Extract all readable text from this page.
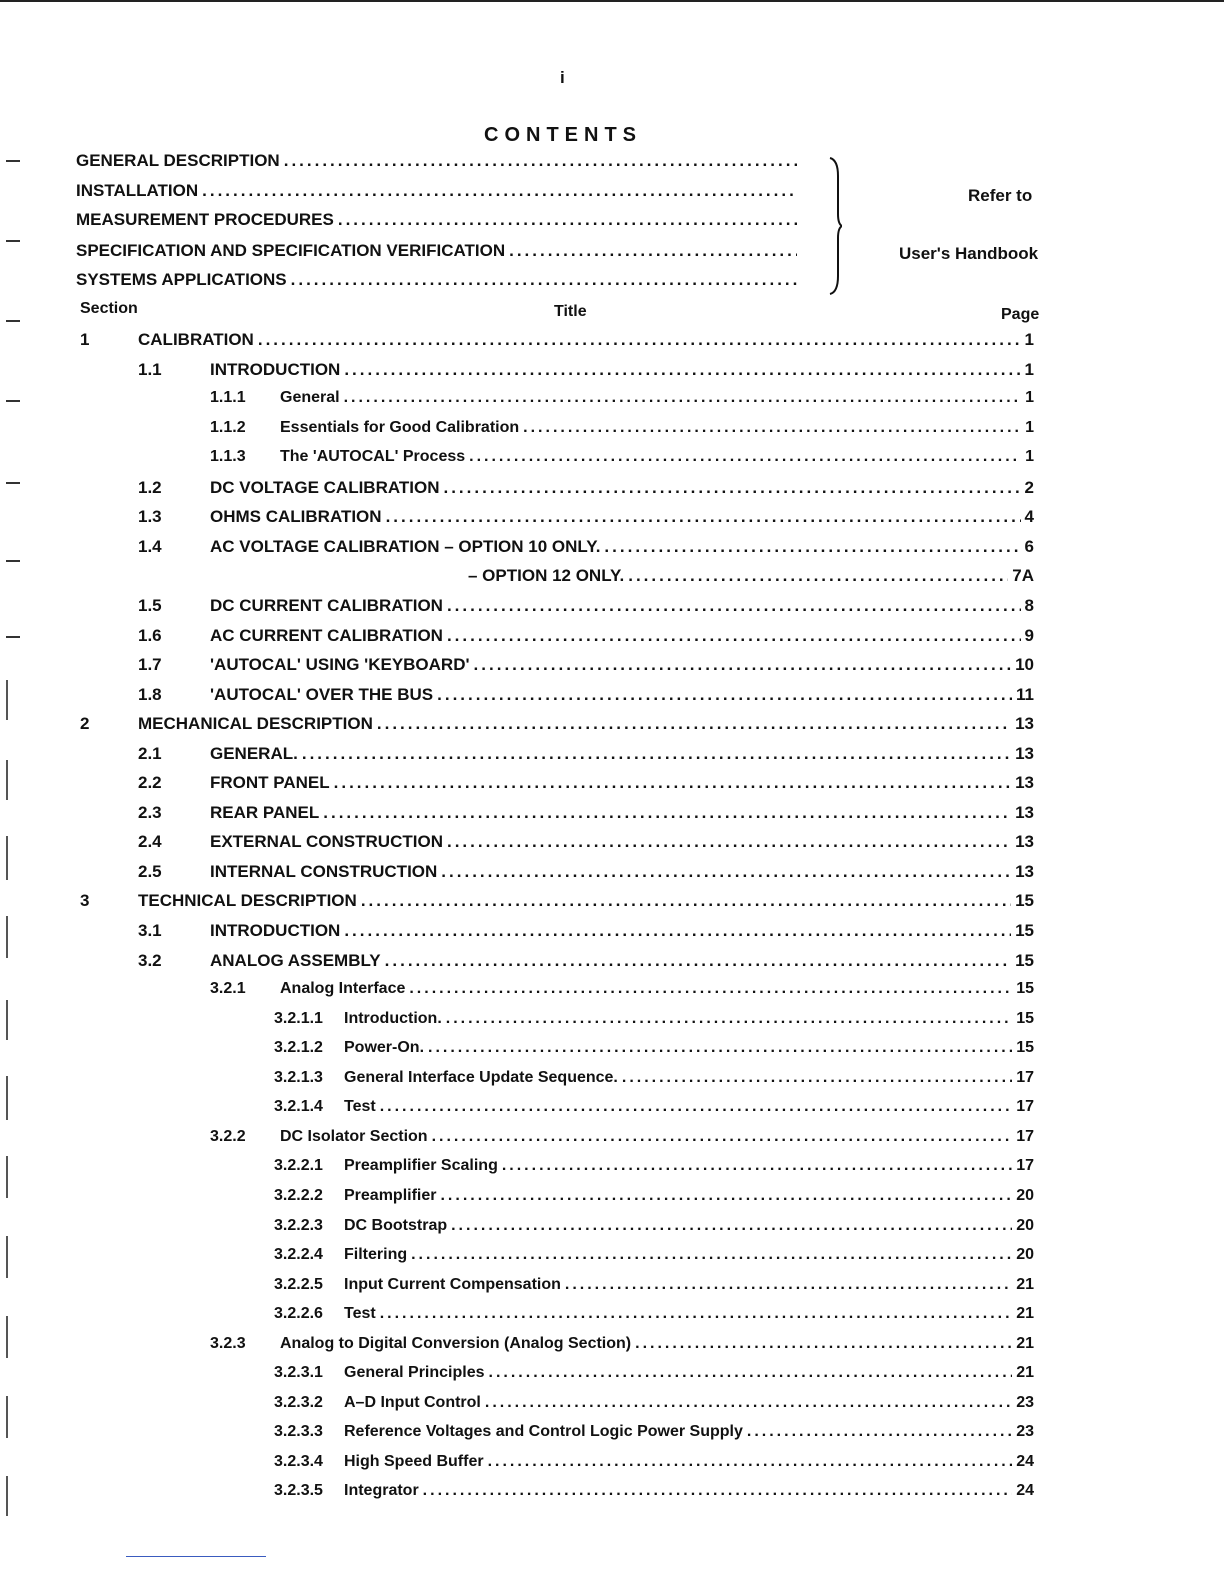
i
CONTENTS
GENERAL DESCRIPTION
.....
INSTALLATION
.....
MEASUREMENT PROCEDURES
.....
SPECIFICATION AND SPECIFICATION VERIFICATION
.....
SYSTEMS APPLICATIONS
.....
Refer to
User's Handbook
Section	Title	Page
1	CALIBRATION .....	1
1.1	INTRODUCTION .....	1
1.1.1 General .....	1
1.1.2 Essentials for Good Calibration .....	1
1.1.3 The 'AUTOCAL' Process .....	1
1.2	DC VOLTAGE CALIBRATION .....	2
1.3	OHMS CALIBRATION .....	4
1.4	AC VOLTAGE CALIBRATION – OPTION 10 ONLY. .....	6
– OPTION 12 ONLY. .....	7A
1.5	DC CURRENT CALIBRATION .....	8
1.6	AC CURRENT CALIBRATION .....	9
1.7	'AUTOCAL' USING 'KEYBOARD' .....	10
1.8	'AUTOCAL' OVER THE BUS .....	11
2	MECHANICAL DESCRIPTION .....	13
2.1	GENERAL. .....	13
2.2	FRONT PANEL .....	13
2.3	REAR PANEL .....	13
2.4	EXTERNAL CONSTRUCTION .....	13
2.5	INTERNAL CONSTRUCTION .....	13
3	TECHNICAL DESCRIPTION .....	15
3.1	INTRODUCTION .....	15
3.2	ANALOG ASSEMBLY .....	15
3.2.1 Analog Interface .....	15
3.2.1.1 Introduction. .....	15
3.2.1.2 Power-On. .....	15
3.2.1.3 General Interface Update Sequence. .....	17
3.2.1.4 Test .....	17
3.2.2 DC Isolator Section .....	17
3.2.2.1 Preamplifier Scaling .....	17
3.2.2.2 Preamplifier .....	20
3.2.2.3 DC Bootstrap .....	20
3.2.2.4 Filtering .....	20
3.2.2.5 Input Current Compensation .....	21
3.2.2.6 Test .....	21
3.2.3 Analog to Digital Conversion (Analog Section) .....	21
3.2.3.1 General Principles .....	21
3.2.3.2 A–D Input Control .....	23
3.2.3.3 Reference Voltages and Control Logic Power Supply .....	23
3.2.3.4 High Speed Buffer .....	24
3.2.3.5 Integrator .....	24
